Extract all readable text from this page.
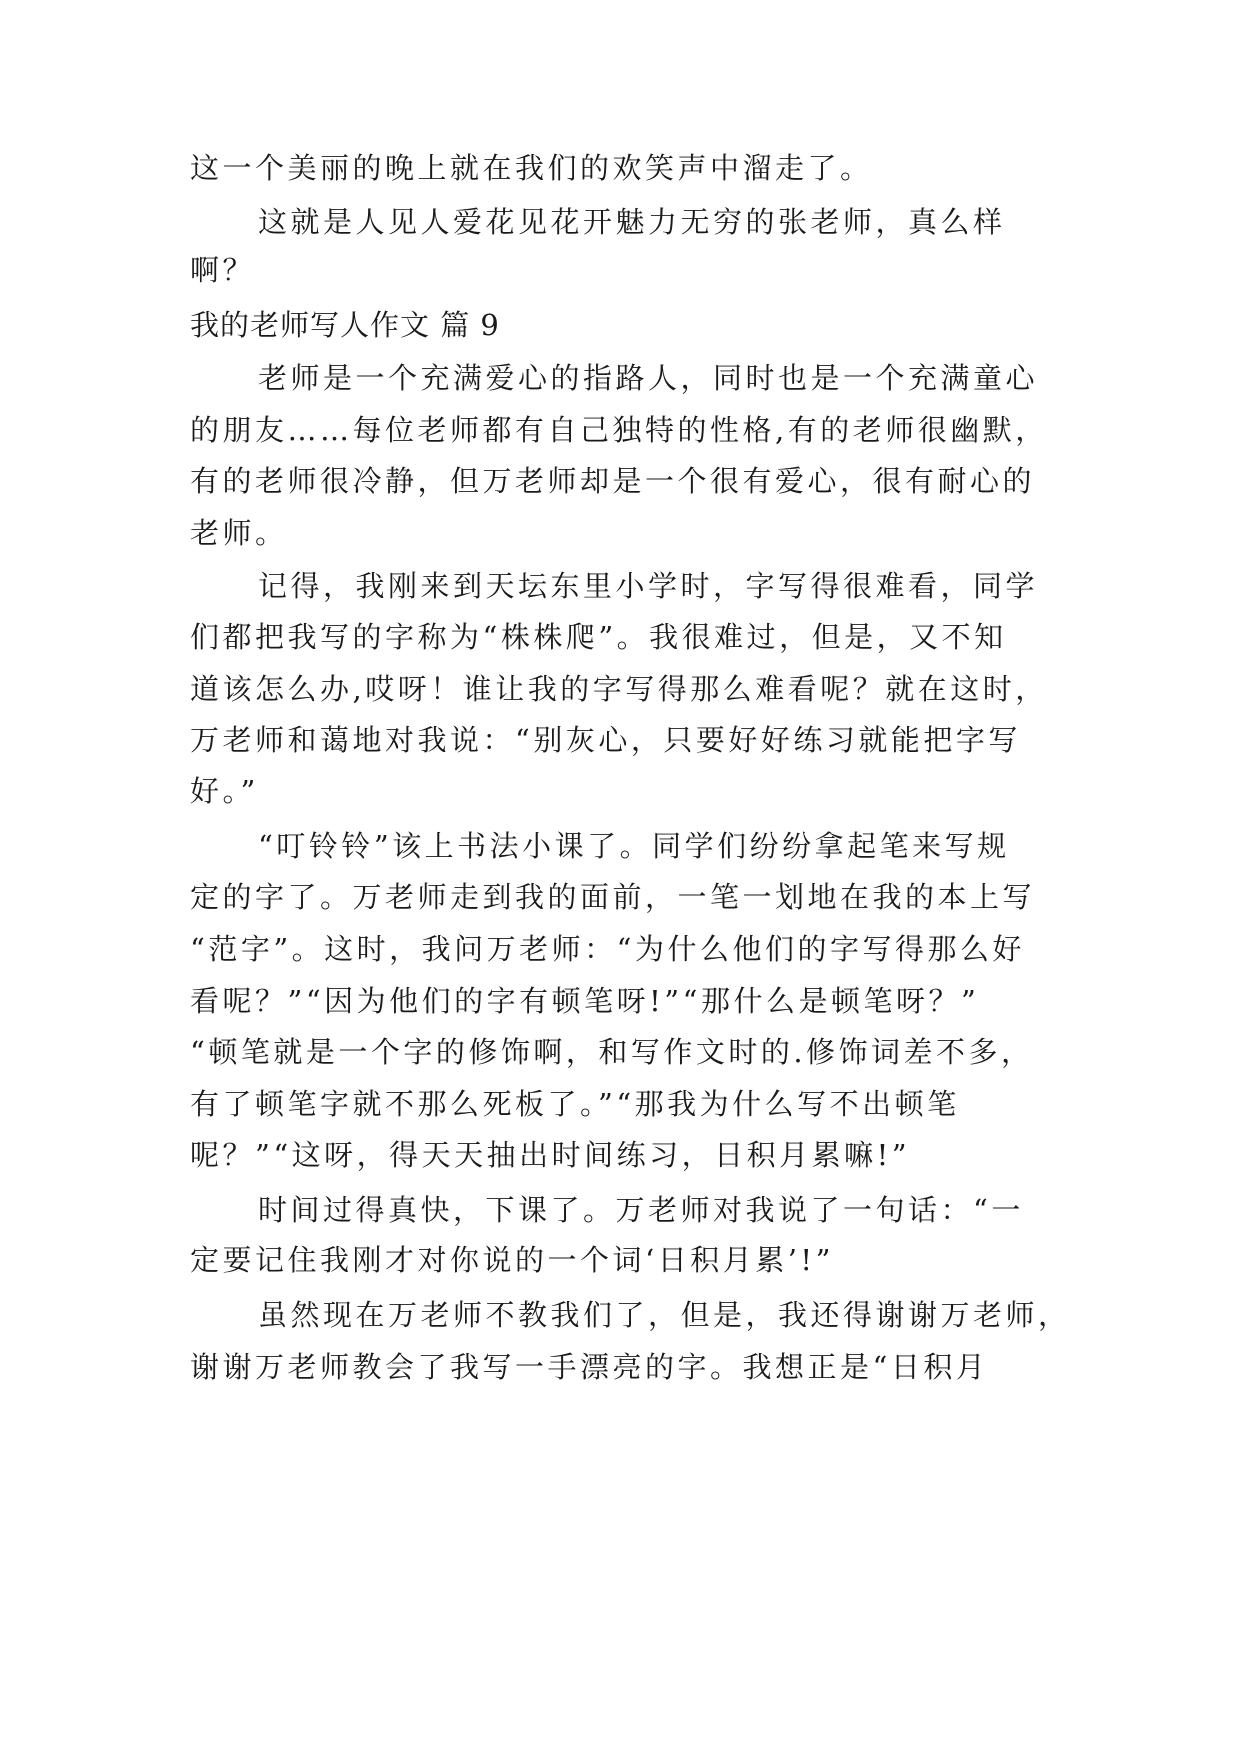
这一个美丽的晚上就在我们的欢笑声中溜走了。
这就是人见人爱花见花开魅力无穷的张老师，真么样
啊？
我的老师写人作文 篇 9
老师是一个充满爱心的指路人，同时也是一个充满童心
的朋友……每位老师都有自己独特的性格,有的老师很幽默，
有的老师很冷静，但万老师却是一个很有爱心，很有耐心的
老师。
记得，我刚来到天坛东里小学时，字写得很难看，同学
们都把我写的字称为“株株爬”。我很难过，但是，又不知
道该怎么办,哎呀！谁让我的字写得那么难看呢？就在这时，
万老师和蔼地对我说：“别灰心，只要好好练习就能把字写
好。”
“叮铃铃”该上书法小课了。同学们纷纷拿起笔来写规
定的字了。万老师走到我的面前，一笔一划地在我的本上写
“范字”。这时，我问万老师：“为什么他们的字写得那么好
看呢？”“因为他们的字有顿笔呀!”“那什么是顿笔呀？”
“顿笔就是一个字的修饰啊，和写作文时的.修饰词差不多，
有了顿笔字就不那么死板了。”“那我为什么写不出顿笔
呢？”“这呀，得天天抽出时间练习，日积月累嘛!”
时间过得真快，下课了。万老师对我说了一句话：“一
定要记住我刚才对你说的一个词‘日积月累’!”
虽然现在万老师不教我们了，但是，我还得谢谢万老师，
谢谢万老师教会了我写一手漂亮的字。我想正是“日积月
